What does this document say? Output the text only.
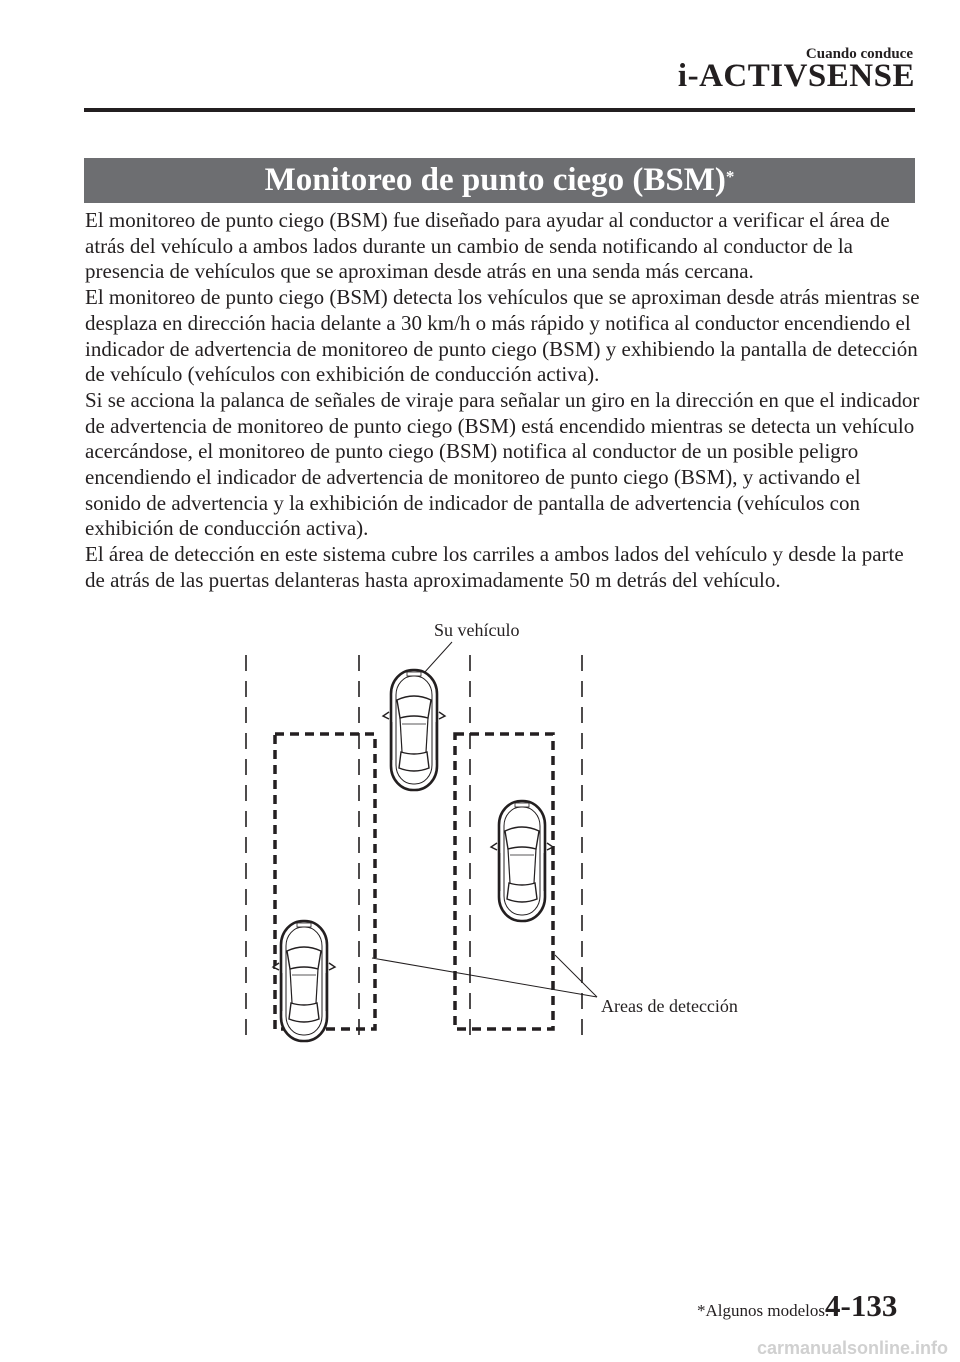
Cuando conduce
i-ACTIVSENSE
Monitoreo de punto ciego (BSM)*

El monitoreo de punto ciego (BSM) fue diseñado para ayudar al conductor a verificar el área de atrás del vehículo a ambos lados durante un cambio de senda notificando al conductor de la presencia de vehículos que se aproximan desde atrás en una senda más cercana.

El monitoreo de punto ciego (BSM) detecta los vehículos que se aproximan desde atrás mientras se desplaza en dirección hacia delante a 30 km/h o más rápido y notifica al conductor encendiendo el indicador de advertencia de monitoreo de punto ciego (BSM) y exhibiendo la pantalla de detección de vehículo (vehículos con exhibición de conducción activa).

Si se acciona la palanca de señales de viraje para señalar un giro en la dirección en que el indicador de advertencia de monitoreo de punto ciego (BSM) está encendido mientras se detecta un vehículo acercándose, el monitoreo de punto ciego (BSM) notifica al conductor de un posible peligro encendiendo el indicador de advertencia de monitoreo de punto ciego (BSM), y activando el sonido de advertencia y la exhibición de indicador de pantalla de advertencia (vehículos con exhibición de conducción activa).

El área de detección en este sistema cubre los carriles a ambos lados del vehículo y desde la parte de atrás de las puertas delanteras hasta aproximadamente 50 m detrás del vehículo.

Su vehículo
Areas de detección
*Algunos modelos.
4-133
carmanualsonline.info
